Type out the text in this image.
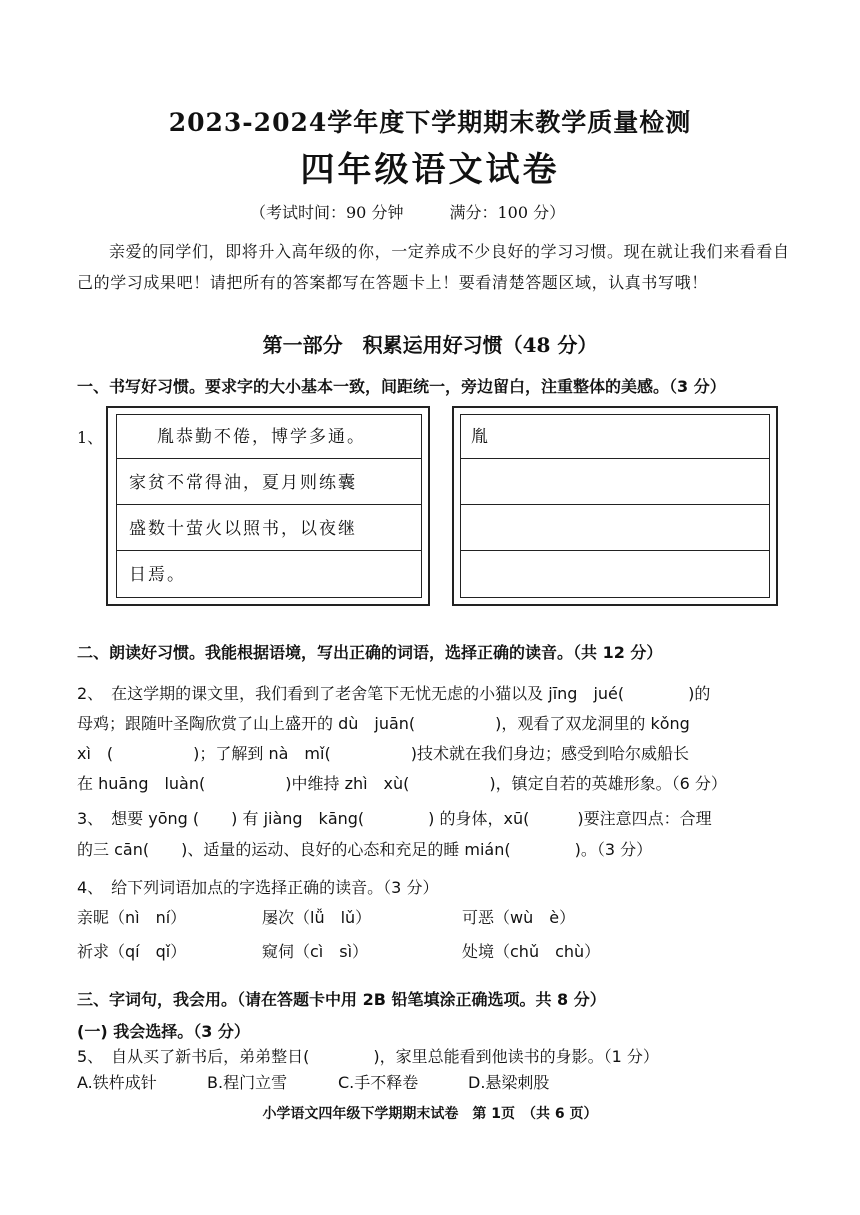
2023-2024学年度下学期期末教学质量检测
四年级语文试卷
（考试时间：90 分钟	满分：100 分）
亲爱的同学们，即将升入高年级的你，一定养成不少良好的学习习惯。现在就让我们来看看自己的学习成果吧！请把所有的答案都写在答题卡上！要看清楚答题区域，认真书写哦！
第一部分　积累运用好习惯（48 分）
一、书写好习惯。要求字的大小基本一致，间距统一，旁边留白，注重整体的美感。（3 分）
1、	胤恭勤不倦，博学多通。
家贫不常得油，夏月则练囊
盛数十萤火以照书，以夜继
日焉。
胤
二、朗读好习惯。我能根据语境，写出正确的词语，选择正确的读音。（共 12 分）
2、　在这学期的课文里，我们看到了老舍笔下无忧无虑的小猫以及 jīng　jué(　　　　)的
母鸡；跟随叶圣陶欣赏了山上盛开的 dù　juān(　　　　　)，观看了双龙洞里的 kǒng
xì　(　　　　　)；了解到 nà　mǐ(　　　　　)技术就在我们身边；感受到哈尔威船长
在 huāng　luàn(　　　　　)中维持 zhì　xù(　　　　　)，镇定自若的英雄形象。（6 分）
3、　想要 yōng (　　) 有 jiàng　kāng(　　　　) 的身体，xū(　　　)要注意四点：合理
的三 cān(　　)、适量的运动、良好的心态和充足的睡 mián(　　　　)。（3 分）
4、　给下列词语加点的字选择正确的读音。（3 分）
亲昵（nì　ní）	屡次（lǚ　lǔ）	可恶（wù　è）
祈求（qí　qǐ）	窥伺（cì　sì）	处境（chǔ　chù）
三、字词句，我会用。（请在答题卡中用 2B 铅笔填涂正确选项。共 8 分）
(一) 我会选择。（3 分）
5、　自从买了新书后，弟弟整日(　　　　)，家里总能看到他读书的身影。（1 分）
A.铁杵成针	B.程门立雪	C.手不释卷	D.悬梁刺股
小学语文四年级下学期期末试卷　第 1页　（共 6 页）
